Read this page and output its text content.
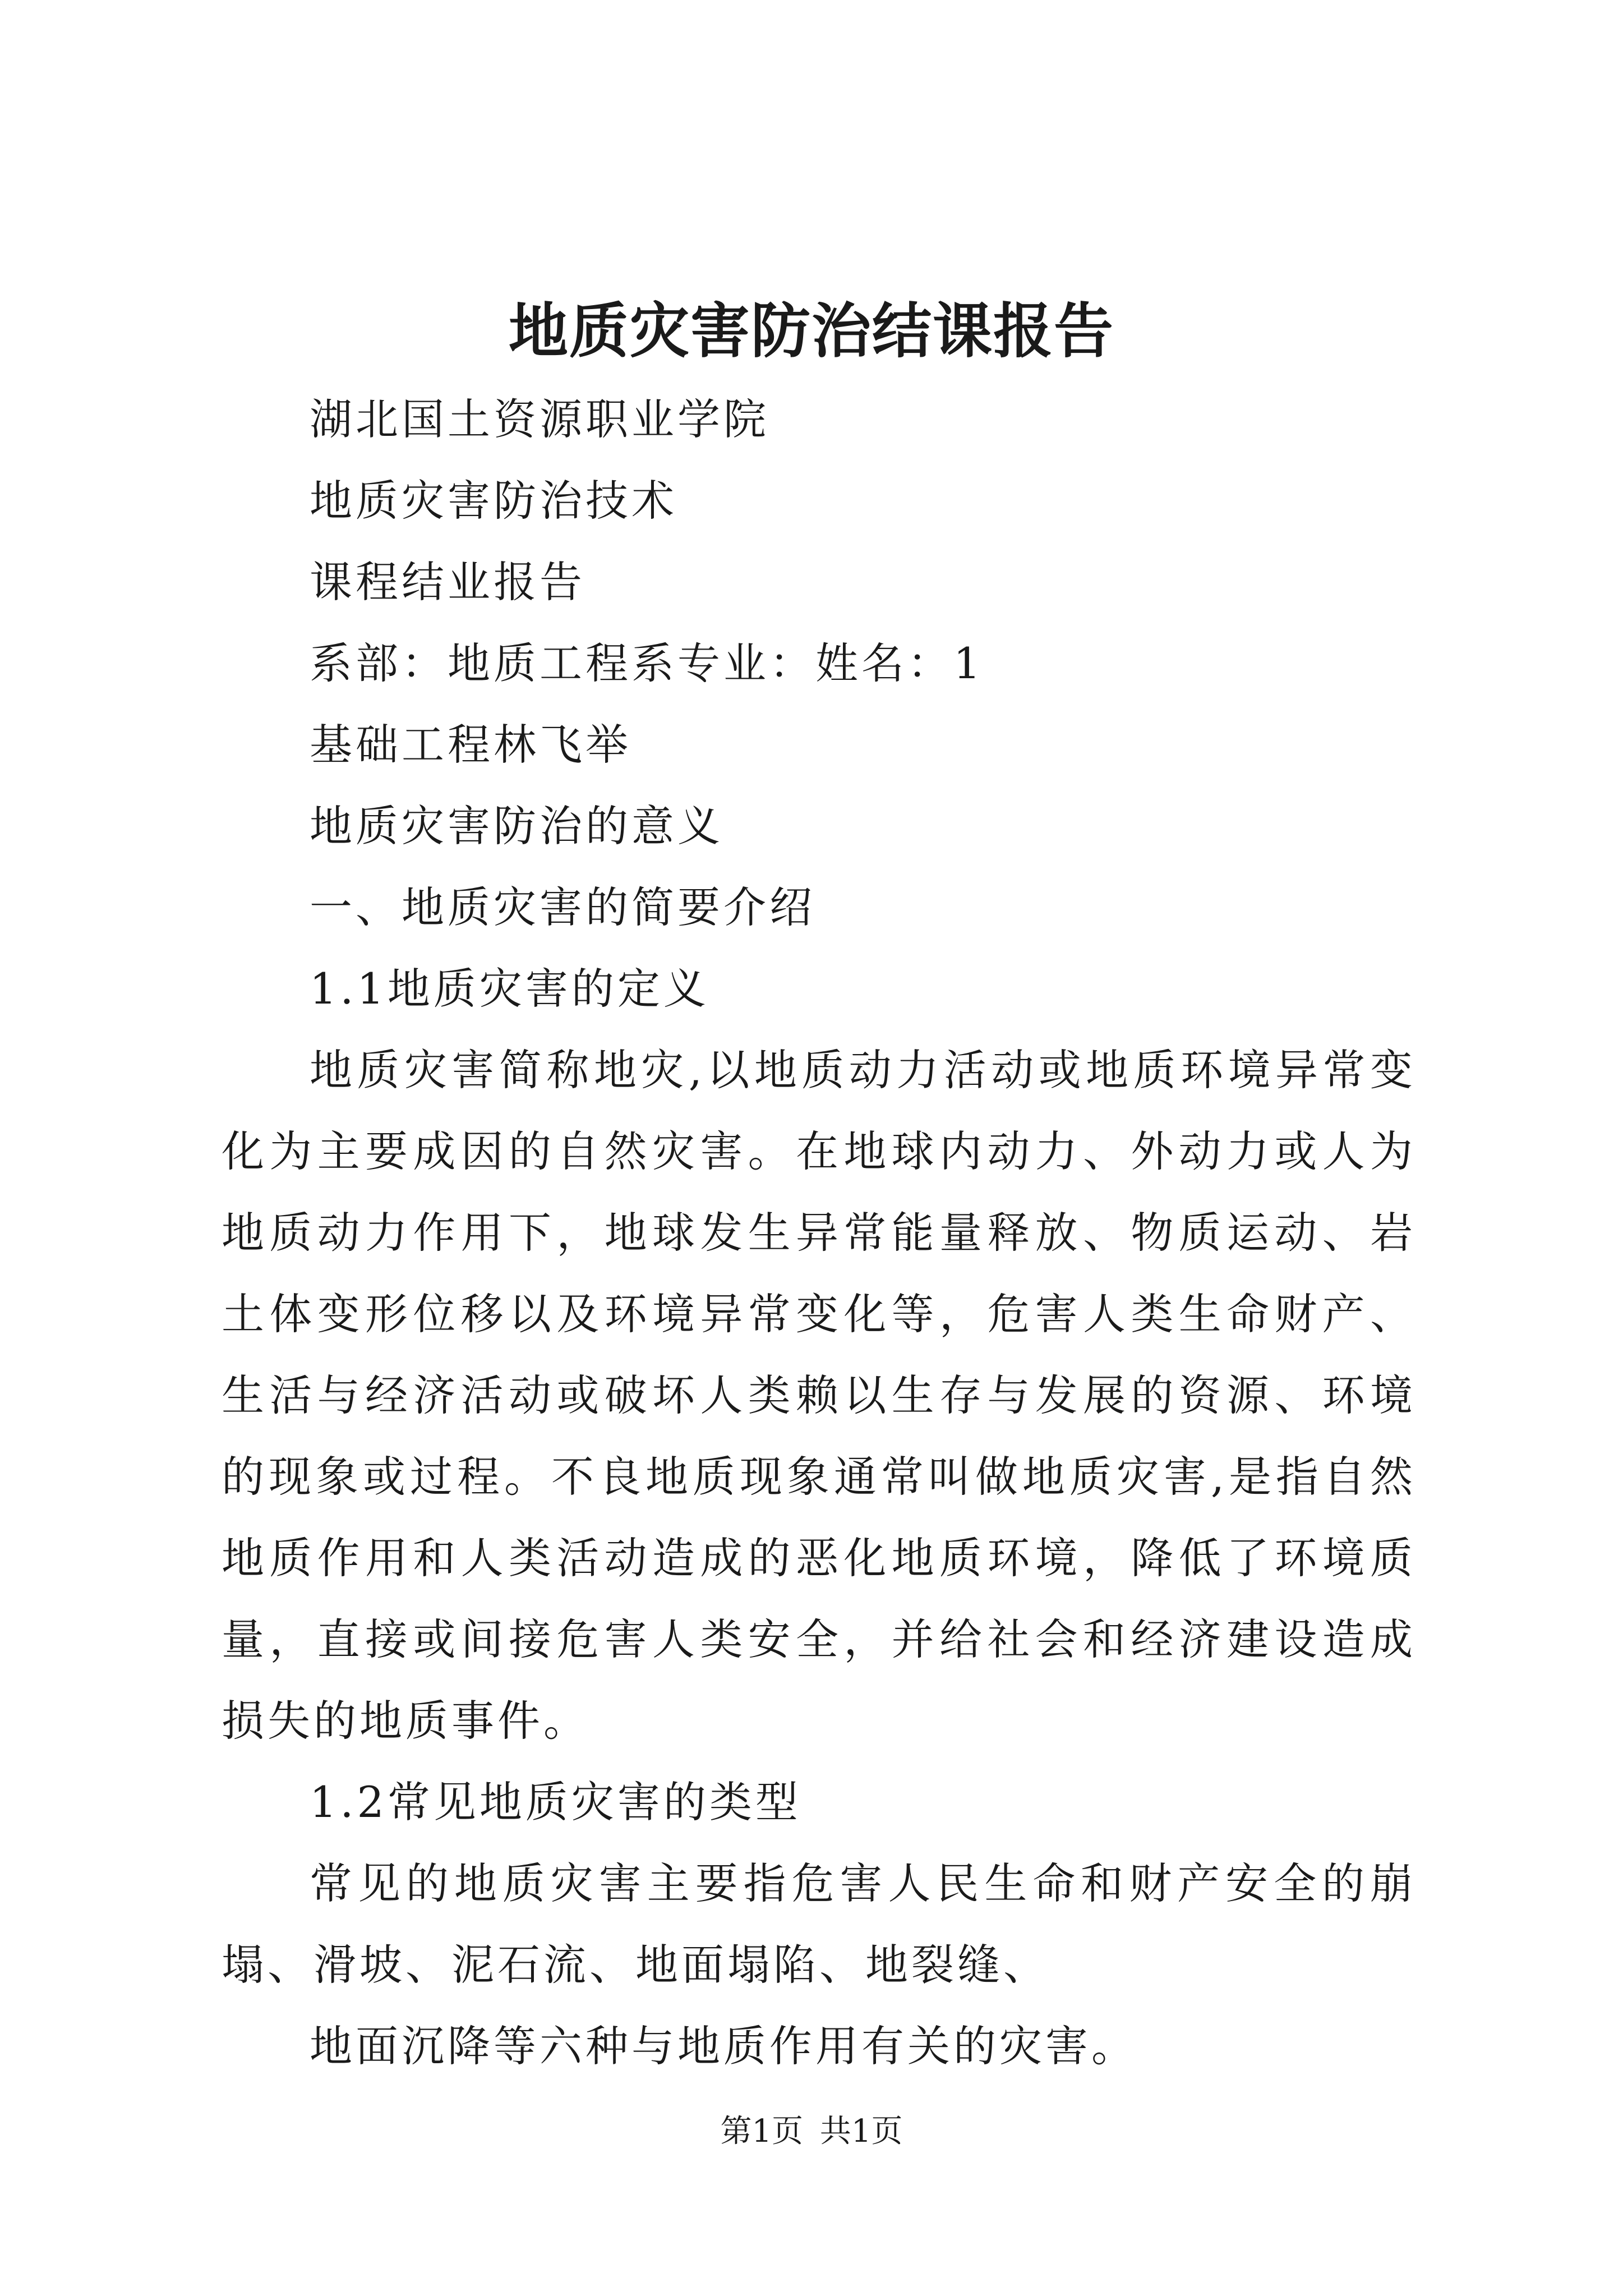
地质灾害防治结课报告

湖北国土资源职业学院

地质灾害防治技术

课程结业报告

系部：地质工程系专业：姓名：1

基础工程林飞举

地质灾害防治的意义

一、地质灾害的简要介绍

1.1地质灾害的定义

地质灾害简称地灾,以地质动力活动或地质环境异常变化为主要成因的自然灾害。在地球内动力、外动力或人为地质动力作用下，地球发生异常能量释放、物质运动、岩土体变形位移以及环境异常变化等，危害人类生命财产、生活与经济活动或破坏人类赖以生存与发展的资源、环境的现象或过程。不良地质现象通常叫做地质灾害,是指自然地质作用和人类活动造成的恶化地质环境，降低了环境质量，直接或间接危害人类安全，并给社会和经济建设造成损失的地质事件。

1.2常见地质灾害的类型

常见的地质灾害主要指危害人民生命和财产安全的崩塌、滑坡、泥石流、地面塌陷、地裂缝、

地面沉降等六种与地质作用有关的灾害。

第1页 共1页
